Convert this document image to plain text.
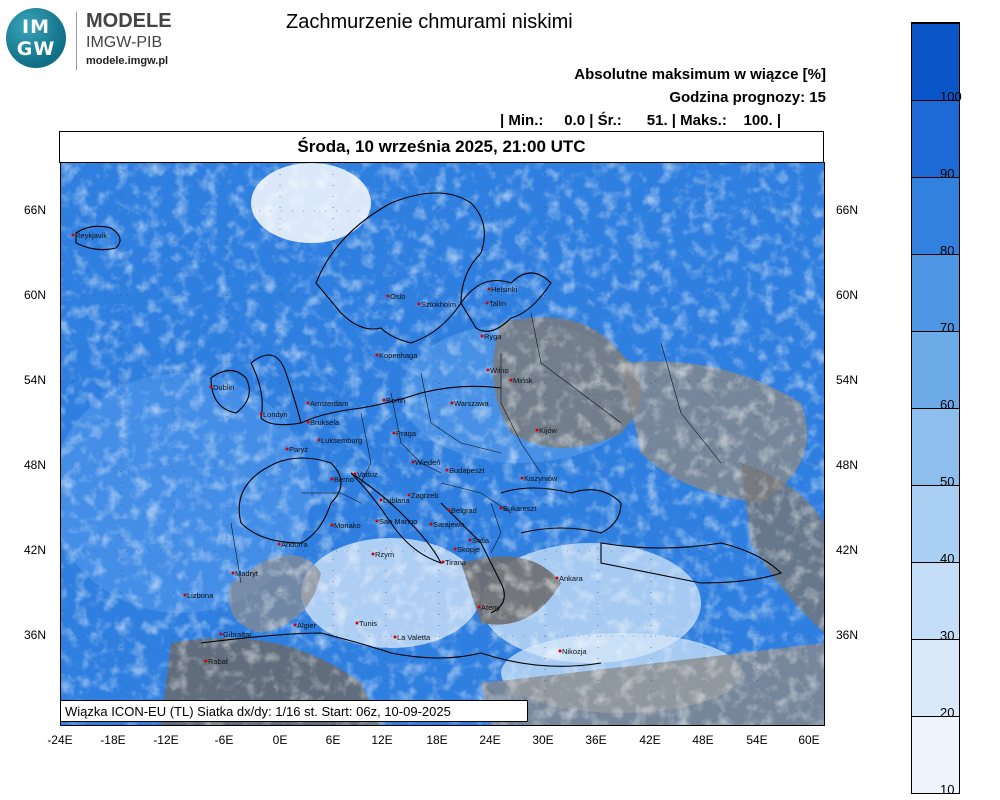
IM
GW
MODELE
IMGW-PIB
modele.imgw.pl
Zachmurzenie chmurami niskimi
Absolutne maksimum w wiązce [%]
Godzina prognozy: 15
| Min.:     0.0 | Śr.:      51. | Maks.:    100. |
Środa, 10 września 2025, 21:00 UTC
Reykjavik
Oslo
Sztokholm
Helsinki
Tallin
Ryga
Kopenhaga
Wilno
Mińsk
Dublin
Amsterdam	Berlin	Warszawa
Londyn
Bruksela
Luksemburg
Praga	Kijów
Paryż
Wiedeń
Budapeszt
Berno
Vaduz	Kiszyniów
Zagrzeb
Lublana
Belgrad	Bukareszt
Monako San Marino Sarajewo
Andorra	Sofia
Skopje
Rzym
Tirana
Madryt
Ankara
Lizbona
Ateny
Algier	Tunis
Gibraltar	La Valetta
Nikozja
Rabat
Wiązka ICON-EU (TL) Siatka dx/dy: 1/16 st. Start: 06z, 10-09-2025
66N
60N
54N
48N
42N
36N
66N
60N
54N
48N
42N
36N
-24E	-18E	-12E	-6E	0E	6E	12E	18E	24E	30E	36E	42E	48E	54E	60E
100
90
80
70
60
50
40
30
20
10
